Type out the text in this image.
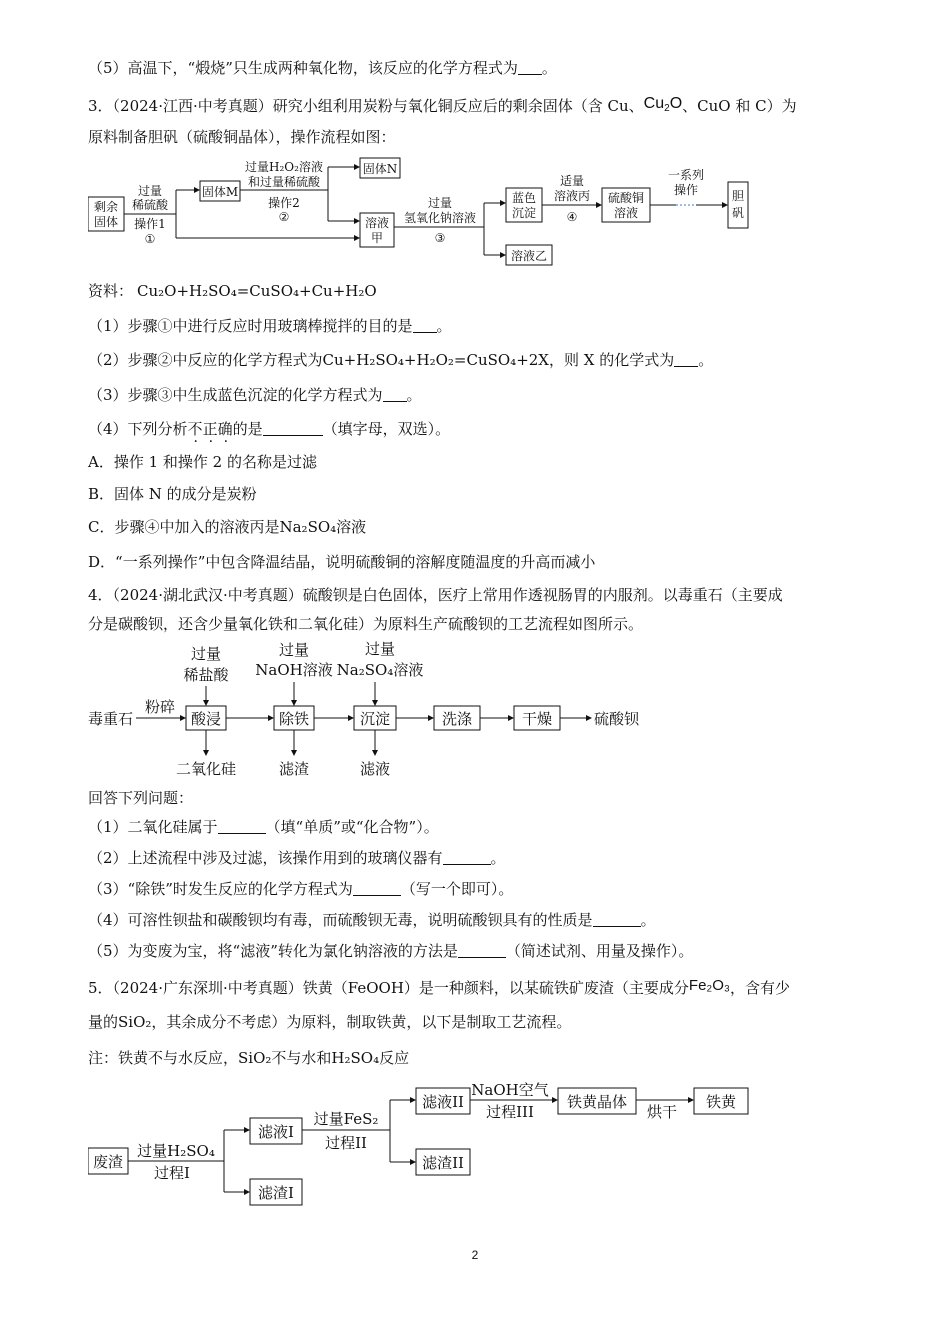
（5）高温下，“煅烧”只生成两种氧化物，该反应的化学方程式为 。
3．（2024·江西·中考真题）研究小组利用炭粉与氧化铜反应后的剩余固体（含 Cu、$Cu_2O$、CuO 和 C）为
原料制备胆矾（硫酸铜晶体），操作流程如图：
剩余
固体
过量
稀硫酸
操作1
①
固体M
过量H₂O₂溶液
和过量稀硫酸
操作2
②
固体N
溶液
甲
过量
氢氧化钠溶液
③
蓝色
沉淀
溶液乙
适量
溶液丙
④
硫酸铜
溶液
一系列
操作	胆
矾
资料： Cu₂O+H₂SO₄=CuSO₄+Cu+H₂O
（1）步骤①中进行反应时用玻璃棒搅拌的目的是 。
（2）步骤②中反应的化学方程式为Cu+H₂SO₄+H₂O₂=CuSO₄+2X，则 X 的化学式为 。
（3）步骤③中生成蓝色沉淀的化学方程式为 。
（4）下列分析不正确的是	（填字母，双选）。
A．操作 1 和操作 2 的名称是过滤
B．固体 N 的成分是炭粉
C．步骤④中加入的溶液丙是Na₂SO₄溶液
D．“一系列操作”中包含降温结晶，说明硫酸铜的溶解度随温度的升高而减小
4．（2024·湖北武汉·中考真题）硫酸钡是白色固体，医疗上常用作透视肠胃的内服剂。以毒重石（主要成
分是碳酸钡，还含少量氧化铁和二氧化硅）为原料生产硫酸钡的工艺流程如图所示。
毒重石
粉碎
酸浸
过量
稀盐酸
二氧化硅
除铁
过量
NaOH溶液
滤渣
沉淀
过量
Na₂SO₄溶液
滤液
洗涤	干燥	硫酸钡
回答下列问题：
（1）二氧化硅属于	（填“单质”或“化合物”）。
（2）上述流程中涉及过滤，该操作用到的玻璃仪器有	。
（3）“除铁”时发生反应的化学方程式为	（写一个即可）。
（4）可溶性钡盐和碳酸钡均有毒，而硫酸钡无毒，说明硫酸钡具有的性质是	。
（5）为变废为宝，将“滤液”转化为氯化钠溶液的方法是	（简述试剂、用量及操作）。
5．（2024·广东深圳·中考真题）铁黄（FeOOH）是一种颜料，以某硫铁矿废渣（主要成分Fe₂O₃，含有少
量的SiO₂，其余成分不考虑）为原料，制取铁黄，以下是制取工艺流程。
注：铁黄不与水反应，SiO₂不与水和H₂SO₄反应
废渣
过量H₂SO₄
过程I
滤液I
滤渣I
过量FeS₂
过程II
滤液II
滤渣II
NaOH空气
过程III
铁黄晶体
烘干
铁黄
2
